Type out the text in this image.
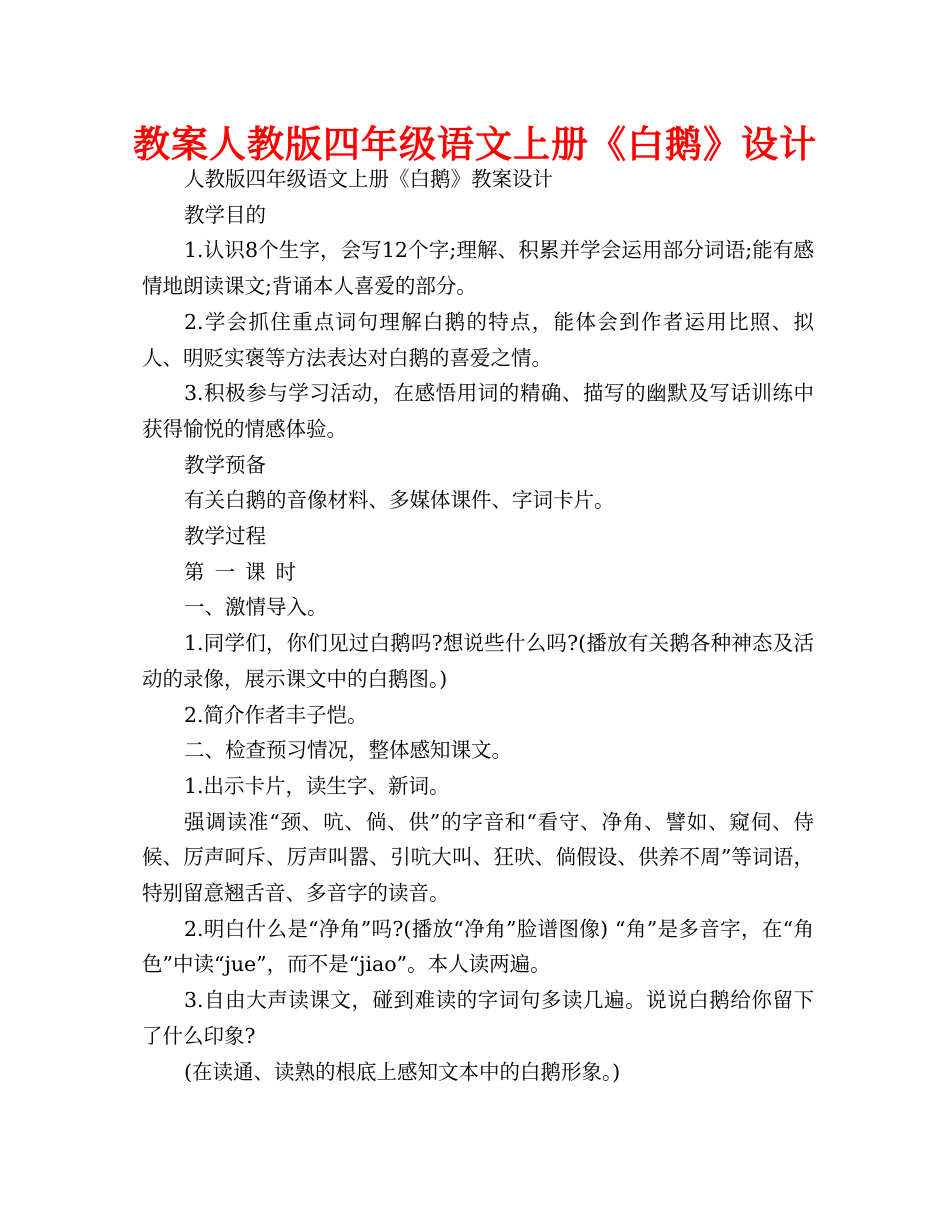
教案人教版四年级语文上册《白鹅》设计

人教版四年级语文上册《白鹅》教案设计

教学目的

1.认识8个生字，会写12个字;理解、积累并学会运用部分词语;能有感情地朗读课文;背诵本人喜爱的部分。

2.学会抓住重点词句理解白鹅的特点，能体会到作者运用比照、拟人、明贬实褒等方法表达对白鹅的喜爱之情。

3.积极参与学习活动，在感悟用词的精确、描写的幽默及写话训练中获得愉悦的情感体验。

教学预备

有关白鹅的音像材料、多媒体课件、字词卡片。

教学过程

第一课时

一、激情导入。

1.同学们，你们见过白鹅吗?想说些什么吗?(播放有关鹅各种神态及活动的录像，展示课文中的白鹅图。)

2.简介作者丰子恺。

二、检查预习情况，整体感知课文。

1.出示卡片，读生字、新词。

强调读准“颈、吭、倘、供”的字音和“看守、净角、譬如、窥伺、侍候、厉声呵斥、厉声叫嚣、引吭大叫、狂吠、倘假设、供养不周”等词语，特别留意翘舌音、多音字的读音。

2.明白什么是“净角”吗?(播放“净角”脸谱图像) “角”是多音字，在“角色”中读“jue”，而不是“jiao”。本人读两遍。

3.自由大声读课文，碰到难读的字词句多读几遍。说说白鹅给你留下了什么印象?

(在读通、读熟的根底上感知文本中的白鹅形象。)
